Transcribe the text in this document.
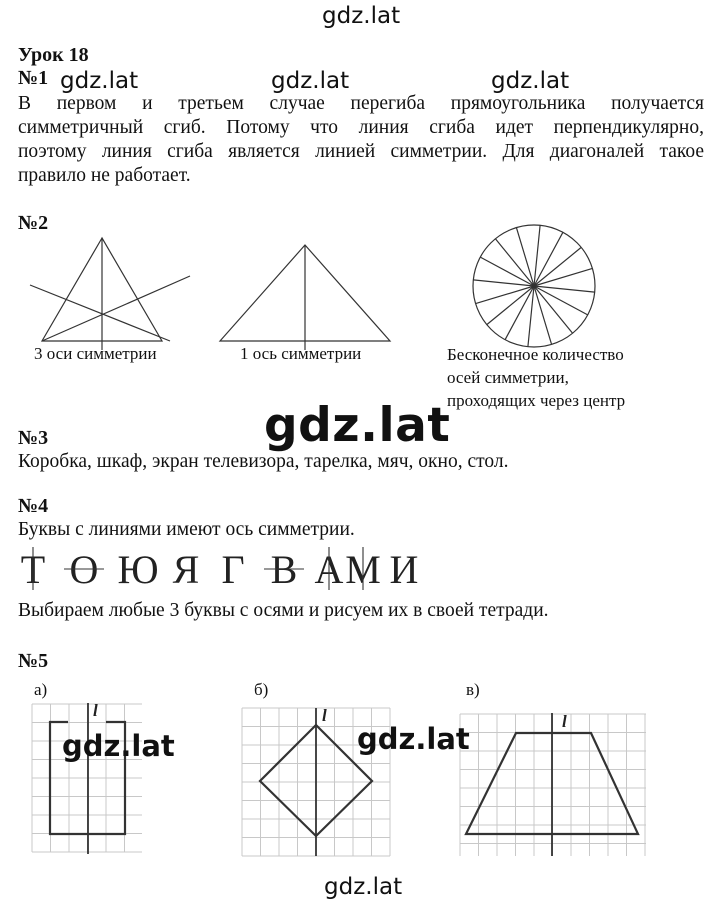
gdz.lat
gdz.lat	gdz.lat	gdz.lat
Урок 18
№1
В первом и третьем случае перегиба прямоугольника получается
симметричный сгиб. Потому что линия сгиба идет перпендикулярно,
поэтому линия сгиба является линией симметрии. Для диагоналей такое
правило не работает.
№2
3 оси симметрии	1 ось симметрии	Бесконечное количество
осей симметрии,
проходящих через центр
gdz.lat
№3
Коробка, шкаф, экран телевизора, тарелка, мяч, окно, стол.
№4
Буквы с линиями имеют ось симметрии.
Т О Ю Я Г В А М И
Выбираем любые 3 буквы с осями и рисуем их в своей тетради.
№5
а)	б)	в)
l	l	l
gdz.lat	gdz.lat
gdz.lat
